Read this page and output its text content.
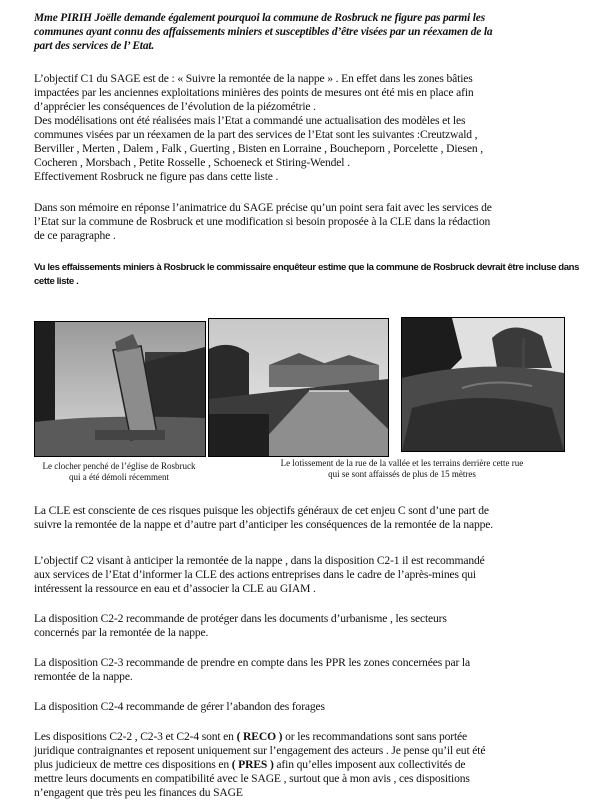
Mme PIRIH Joëlle demande également pourquoi la commune de Rosbruck ne figure pas parmi les

communes ayant connu des affaissements miniers et susceptibles d’être visées par un réexamen de la

part des services de l’ Etat.

L’objectif C1 du SAGE est de : « Suivre la remontée de la nappe » . En effet dans les zones bâties

impactées par les anciennes exploitations minières des points de mesures ont été mis en place afin

d’apprécier les conséquences de l’évolution de la piézométrie .

Des modélisations ont été réalisées mais l’Etat a commandé une actualisation des modèles et les

communes visées par un réexamen de la part des services de l’Etat sont les suivantes :Creutzwald ,

Berviller , Merten , Dalem , Falk , Guerting , Bisten en Lorraine , Boucheporn , Porcelette , Diesen ,

Cocheren , Morsbach , Petite Rosselle , Schoeneck et Stiring-Wendel .

Effectivement Rosbruck ne figure pas dans cette liste .

Dans son mémoire en réponse l’animatrice du SAGE précise qu’un point sera fait avec les services de

l’Etat sur la commune de Rosbruck et une modification si besoin proposée à la CLE dans la rédaction

de ce paragraphe .

Vu les effaissements miniers à Rosbruck le commissaire enquêteur estime que la commune de Rosbruck devrait être incluse dans

cette liste .

Le clocher penché de l’église de Rosbruck
qui a été démoli récemment
Le lotissement de la rue de la vallée et les terrains derrière cette rue
qui se sont affaissés de plus de 15 mètres

La CLE est consciente de ces risques puisque les objectifs généraux de cet enjeu C sont d’une part de

suivre la remontée de la nappe et d’autre part d’anticiper les conséquences de la remontée de la nappe.

L’objectif C2 visant à anticiper la remontée de la nappe , dans la disposition C2-1 il est recommandé

aux services de l’Etat d’informer la CLE des actions entreprises dans le cadre de l’après-mines qui

intéressent la ressource en eau et d’associer la CLE au GIAM .

La disposition C2-2 recommande de protéger dans les documents d’urbanisme , les secteurs

concernés par la remontée de la nappe.

La disposition C2-3 recommande de prendre en compte dans les PPR les zones concernées par la

remontée de la nappe.

La disposition C2-4 recommande de gérer l’abandon des forages

Les dispositions C2-2 , C2-3 et C2-4 sont en ( RECO ) or les recommandations sont sans portée

juridique contraignantes et reposent uniquement sur l’engagement des acteurs . Je pense qu’il eut été

plus judicieux de mettre ces dispositions en ( PRES ) afin qu’elles imposent aux collectivités de

mettre leurs documents en compatibilité avec le SAGE , surtout que à mon avis , ces dispositions

n’engagent que très peu les finances du SAGE
